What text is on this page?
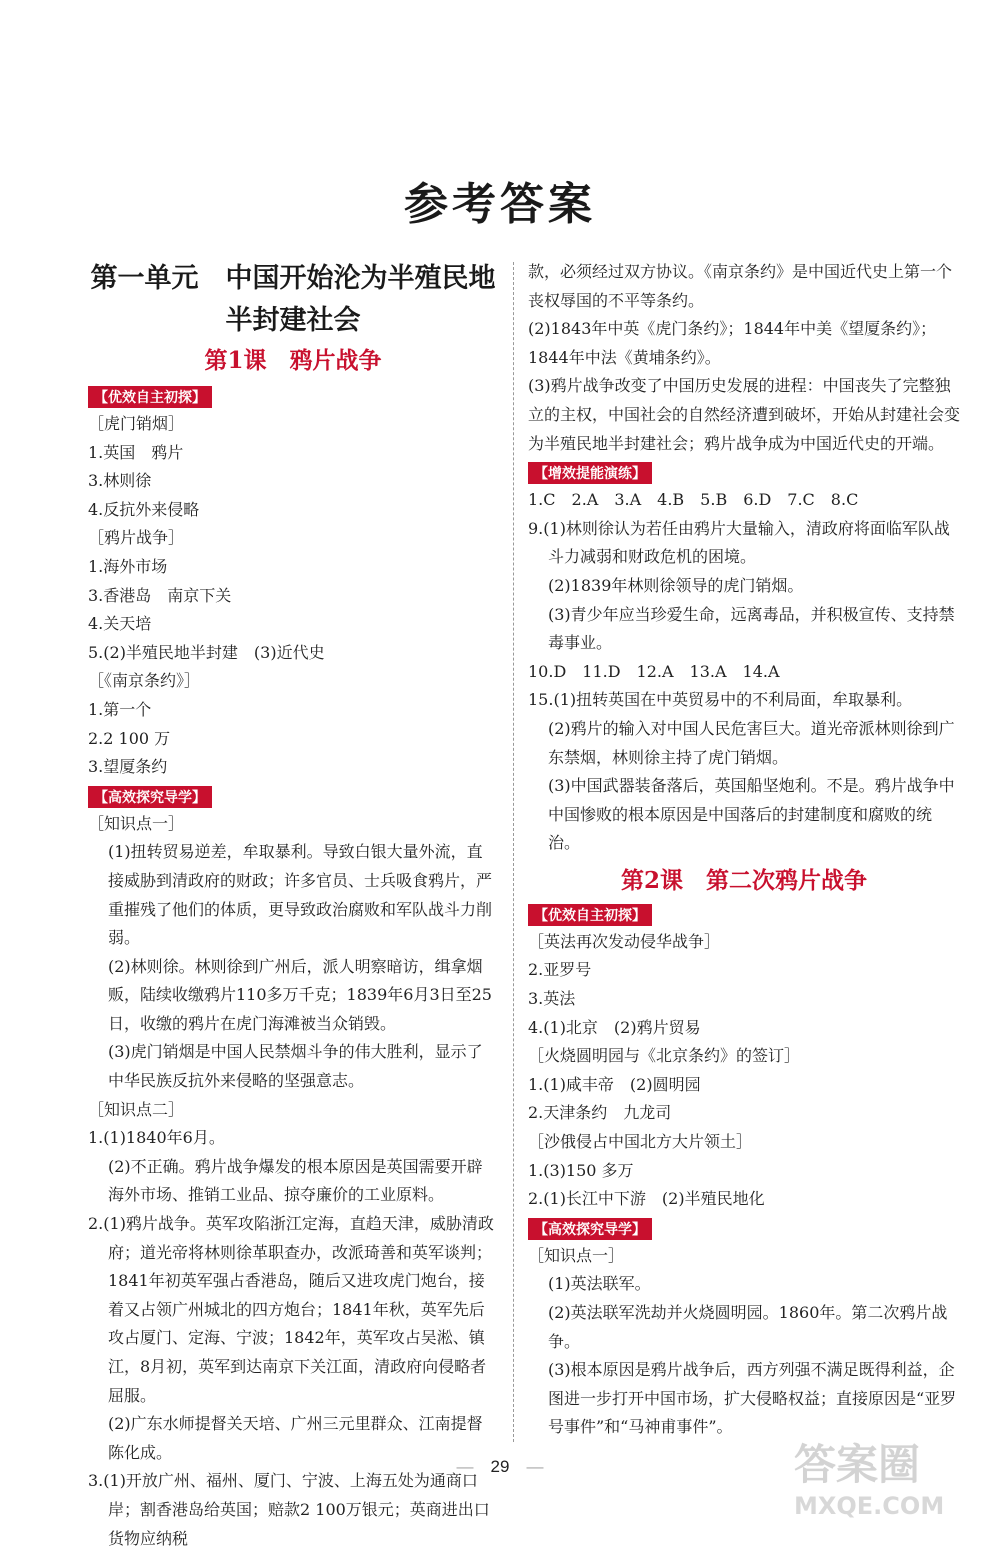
参考答案
第一单元　中国开始沦为半殖民地
半封建社会
第1课　鸦片战争
【优效自主初探】

［虎门销烟］

1.英国　鸦片

3.林则徐

4.反抗外来侵略

［鸦片战争］

1.海外市场

3.香港岛　南京下关

4.关天培

5.(2)半殖民地半封建　(3)近代史

［《南京条约》］

1.第一个

2.2 100 万

3.望厦条约

【高效探究导学】

［知识点一］

(1)扭转贸易逆差，牟取暴利。导致白银大量外流，直接威胁到清政府的财政；许多官员、士兵吸食鸦片，严重摧残了他们的体质，更导致政治腐败和军队战斗力削弱。

(2)林则徐。林则徐到广州后，派人明察暗访，缉拿烟贩，陆续收缴鸦片110多万千克；1839年6月3日至25日，收缴的鸦片在虎门海滩被当众销毁。

(3)虎门销烟是中国人民禁烟斗争的伟大胜利，显示了中华民族反抗外来侵略的坚强意志。

［知识点二］

1.(1)1840年6月。

(2)不正确。鸦片战争爆发的根本原因是英国需要开辟海外市场、推销工业品、掠夺廉价的工业原料。

2.(1)鸦片战争。英军攻陷浙江定海，直趋天津，威胁清政府；道光帝将林则徐革职查办，改派琦善和英军谈判；1841年初英军强占香港岛，随后又进攻虎门炮台，接着又占领广州城北的四方炮台；1841年秋，英军先后攻占厦门、定海、宁波；1842年，英军攻占吴淞、镇江，8月初，英军到达南京下关江面，清政府向侵略者屈服。

(2)广东水师提督关天培、广州三元里群众、江南提督陈化成。

3.(1)开放广州、福州、厦门、宁波、上海五处为通商口岸；割香港岛给英国；赔款2 100万银元；英商进出口货物应纳税

款，必须经过双方协议。《南京条约》是中国近代史上第一个丧权辱国的不平等条约。

(2)1843年中英《虎门条约》；1844年中美《望厦条约》；1844年中法《黄埔条约》。

(3)鸦片战争改变了中国历史发展的进程：中国丧失了完整独立的主权，中国社会的自然经济遭到破坏，开始从封建社会变为半殖民地半封建社会；鸦片战争成为中国近代史的开端。

【增效提能演练】

1.C　2.A　3.A　4.B　5.B　6.D　7.C　8.C

9.(1)林则徐认为若任由鸦片大量输入，清政府将面临军队战斗力减弱和财政危机的困境。

(2)1839年林则徐领导的虎门销烟。

(3)青少年应当珍爱生命，远离毒品，并积极宣传、支持禁毒事业。

10.D　11.D　12.A　13.A　14.A

15.(1)扭转英国在中英贸易中的不利局面，牟取暴利。

(2)鸦片的输入对中国人民危害巨大。道光帝派林则徐到广东禁烟，林则徐主持了虎门销烟。

(3)中国武器装备落后，英国船坚炮利。不是。鸦片战争中中国惨败的根本原因是中国落后的封建制度和腐败的统治。

第2课　第二次鸦片战争
【优效自主初探】

［英法再次发动侵华战争］

2.亚罗号

3.英法

4.(1)北京　(2)鸦片贸易

［火烧圆明园与《北京条约》的签订］

1.(1)咸丰帝　(2)圆明园

2.天津条约　九龙司

［沙俄侵占中国北方大片领土］

1.(3)150 多万

2.(1)长江中下游　(2)半殖民地化

【高效探究导学】

［知识点一］

(1)英法联军。

(2)英法联军洗劫并火烧圆明园。1860年。第二次鸦片战争。

(3)根本原因是鸦片战争后，西方列强不满足既得利益，企图进一步打开中国市场，扩大侵略权益；直接原因是“亚罗号事件”和“马神甫事件”。

—　29　—	答案圈
MXQE.COM
